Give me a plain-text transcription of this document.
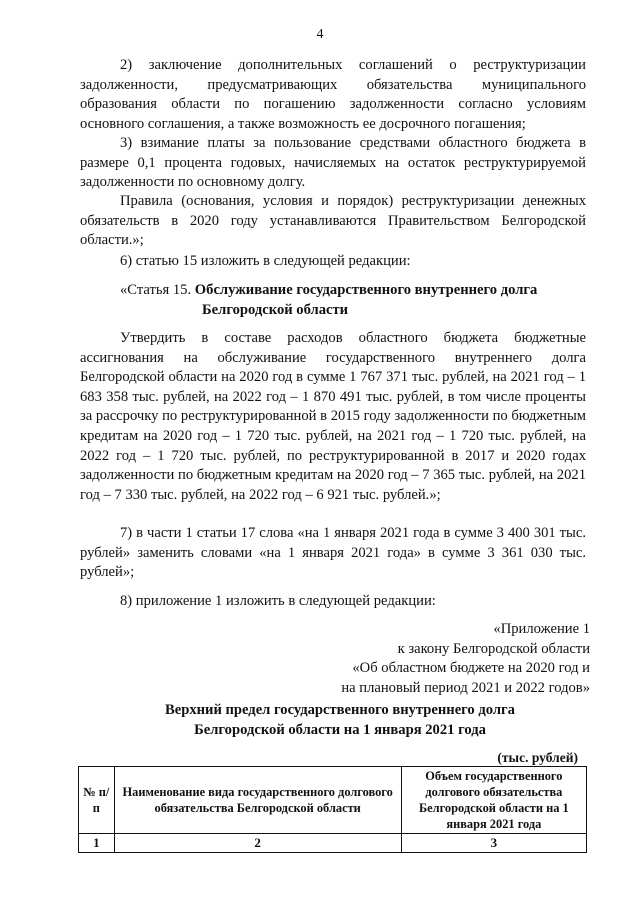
4

2) заключение дополнительных соглашений о реструктуризации задолженности, предусматривающих обязательства муниципального образования области по погашению задолженности согласно условиям основного соглашения, а также возможность ее досрочного погашения;

3) взимание платы за пользование средствами областного бюджета в размере 0,1 процента годовых, начисляемых на остаток реструктурируемой задолженности по основному долгу.

Правила (основания, условия и порядок) реструктуризации денежных обязательств в 2020 году устанавливаются Правительством Белгородской области.»;

6) статью 15 изложить в следующей редакции:

«Статья 15. Обслуживание государственного внутреннего долга
Белгородской области

Утвердить в составе расходов областного бюджета бюджетные ассигнования на обслуживание государственного внутреннего долга Белгородской области на 2020 год в сумме 1 767 371 тыс. рублей, на 2021 год – 1 683 358 тыс. рублей, на 2022 год – 1 870 491 тыс. рублей, в том числе проценты за рассрочку по реструктурированной в 2015 году задолженности по бюджетным кредитам на 2020 год – 1 720 тыс. рублей, на 2021 год – 1 720 тыс. рублей, на 2022 год – 1 720 тыс. рублей, по реструктурированной в 2017 и 2020 годах задолженности по бюджетным кредитам на 2020 год – 7 365 тыс. рублей, на 2021 год – 7 330 тыс. рублей, на 2022 год – 6 921 тыс. рублей.»;

7) в части 1 статьи 17 слова «на 1 января 2021 года в сумме 3 400 301 тыс. рублей» заменить словами «на 1 января 2021 года» в сумме 3 361 030 тыс. рублей»;

8) приложение 1 изложить в следующей редакции:

«Приложение 1
к закону Белгородской области
«Об областном бюджете на 2020 год и
на плановый период 2021 и 2022 годов»
Верхний предел государственного внутреннего долга
Белгородской области на 1 января 2021 года
(тыс. рублей)
№ п/п	Наименование вида государственного долгового обязательства Белгородской области	Объем государственного долгового обязательства Белгородской области на 1 января 2021 года
1	2	3
